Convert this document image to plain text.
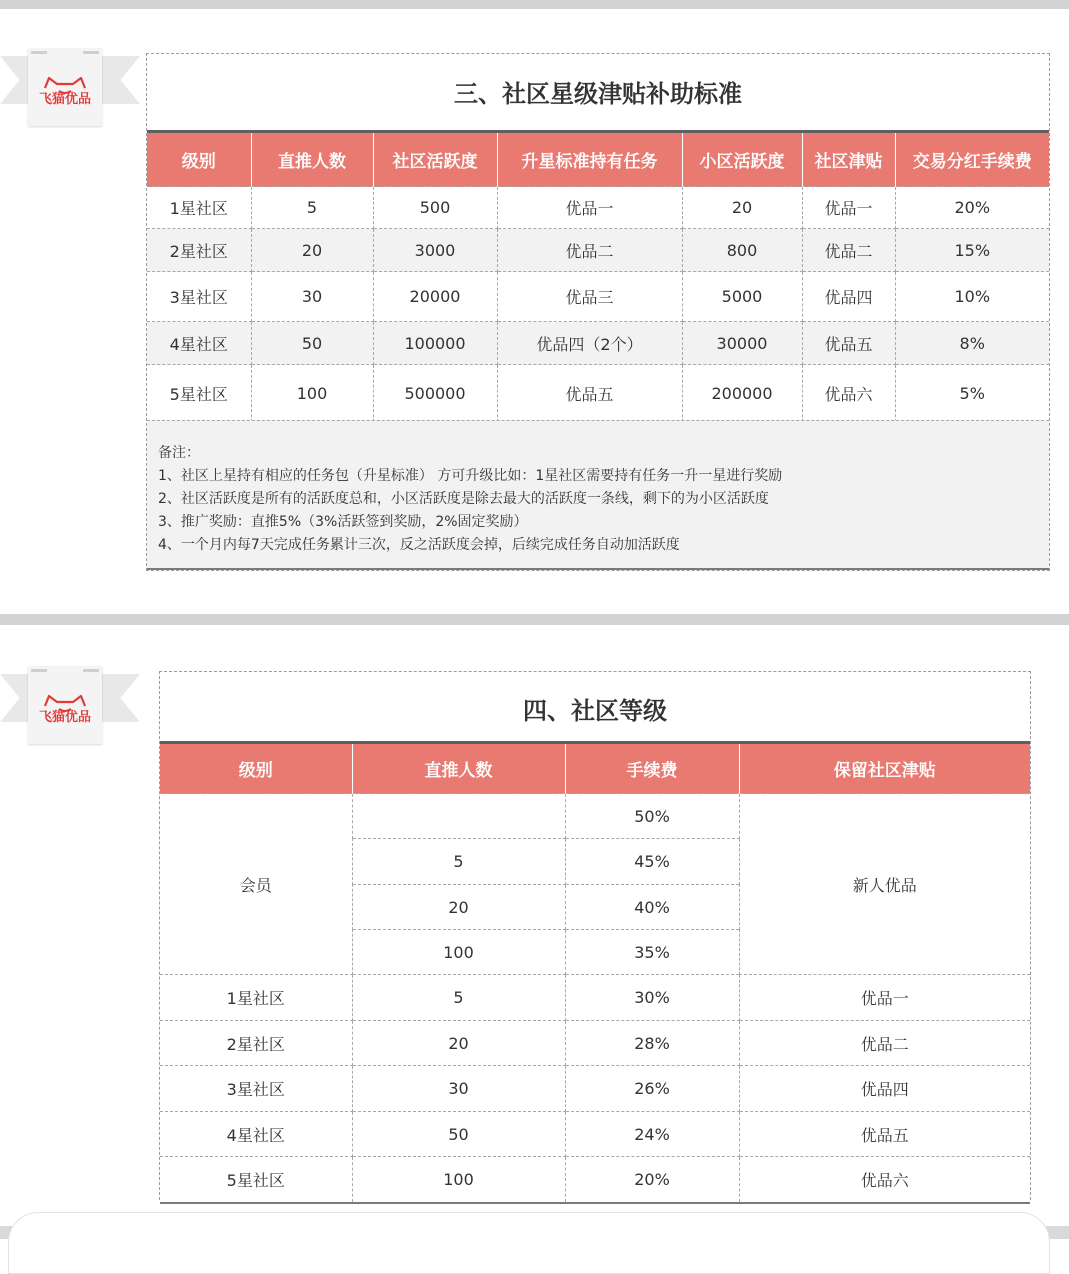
飞猫优品	三、社区星级津贴补助标准
级别	直推人数	社区活跃度	升星标准持有任务	小区活跃度	社区津贴	交易分红手续费
1星社区	5	500	优品一	20	优品一	20%
2星社区	20	3000	优品二	800	优品二	15%
3星社区	30	20000	优品三	5000	优品四	10%
4星社区	50	100000	优品四（2个）	30000	优品五	8%
5星社区	100	500000	优品五	200000	优品六	5%
备注：
1、社区上星持有相应的任务包（升星标准） 方可升级比如：1星社区需要持有任务一升一星进行奖励
2、社区活跃度是所有的活跃度总和，小区活跃度是除去最大的活跃度一条线，剩下的为小区活跃度
3、推广奖励：直推5%（3%活跃签到奖励，2%固定奖励）
4、一个月内每7天完成任务累计三次，反之活跃度会掉，后续完成任务自动加活跃度
飞猫优品	四、社区等级
级别	直推人数	手续费	保留社区津贴
会员		50%	新人优品
	5	45%	
	20	40%	
	100	35%	
1星社区	5	30%	优品一
2星社区	20	28%	优品二
3星社区	30	26%	优品四
4星社区	50	24%	优品五
5星社区	100	20%	优品六
